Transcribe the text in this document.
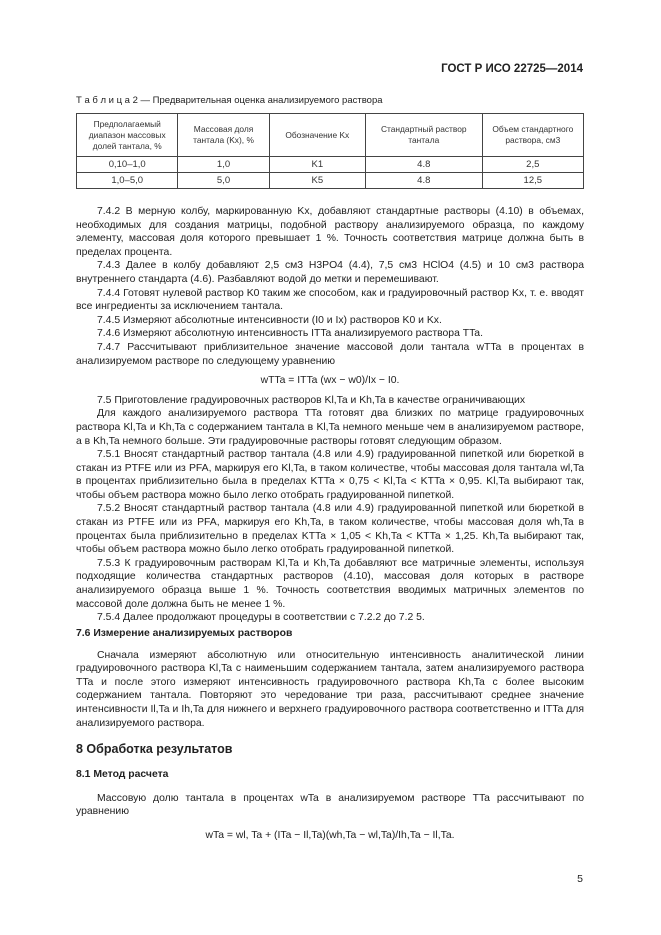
ГОСТ Р ИСО 22725—2014
Т а б л и ц а 2 — Предварительная оценка анализируемого раствора
Предполагаемый диапазон массовых долей тантала, %	Массовая доля тантала (Kx), %	Обозначение Kx	Стандартный раствор тантала	Объем стандартного раствора, см3
0,10–1,0	1,0	K1	4.8	2,5
1,0–5,0	5,0	K5	4.8	12,5

7.4.2 В мерную колбу, маркированную Kx, добавляют стандартные растворы (4.10) в объемах, необходимых для создания матрицы, подобной раствору анализируемого образца, по каждому элементу, массовая доля которого превышает 1 %. Точность соответствия матрице должна быть в пределах процента.

7.4.3 Далее в колбу добавляют 2,5 см3 H3PO4 (4.4), 7,5 см3 HClO4 (4.5) и 10 см3 раствора внутреннего стандарта (4.6). Разбавляют водой до метки и перемешивают.

7.4.4 Готовят нулевой раствор K0 таким же способом, как и градуировочный раствор Kx, т. е. вводят все ингредиенты за исключением тантала.

7.4.5 Измеряют абсолютные интенсивности (I0 и Ix) растворов K0 и Kx.

7.4.6 Измеряют абсолютную интенсивность ITTa анализируемого раствора TTa.

7.4.7 Рассчитывают приблизительное значение массовой доли тантала wTTa в процентах в анализируемом растворе по следующему уравнению

wTTa = ITTa (wx − w0)/Ix − I0.

7.5 Приготовление градуировочных растворов Kl,Ta и Kh,Ta в качестве ограничивающих

Для каждого анализируемого раствора TTa готовят два близких по матрице градуировочных раствора Kl,Ta и Kh,Ta с содержанием тантала в Kl,Ta немного меньше чем в анализируемом растворе, а в Kh,Ta немного больше. Эти градуировочные растворы готовят следующим образом.

7.5.1 Вносят стандартный раствор тантала (4.8 или 4.9) градуированной пипеткой или бюреткой в стакан из PTFE или из PFA, маркируя его Kl,Ta, в таком количестве, чтобы массовая доля тантала wl,Ta в процентах приблизительно была в пределах KTTa × 0,75 < Kl,Ta < KTTa × 0,95. Kl,Ta выбирают так, чтобы объем раствора можно было легко отобрать градуированной пипеткой.

7.5.2 Вносят стандартный раствор тантала (4.8 или 4.9) градуированной пипеткой или бюреткой в стакан из PTFE или из PFA, маркируя его Kh,Ta, в таком количестве, чтобы массовая доля wh,Ta в процентах была приблизительно в пределах KTTa × 1,05 < Kh,Ta < KTTa × 1,25. Kh,Ta выбирают так, чтобы объем раствора можно было легко отобрать градуированной пипеткой.

7.5.3 К градуировочным растворам Kl,Ta и Kh,Ta добавляют все матричные элементы, используя подходящие количества стандартных растворов (4.10), массовая доля которых в растворе анализируемого образца выше 1 %. Точность соответствия вводимых матричных элементов по массовой доле должна быть не менее 1 %.

7.5.4 Далее продолжают процедуры в соответствии с 7.2.2 до 7.2 5.

7.6 Измерение анализируемых растворов

Сначала измеряют абсолютную или относительную интенсивность аналитической линии градуировочного раствора Kl,Ta с наименьшим содержанием тантала, затем анализируемого раствора TTa и после этого измеряют интенсивность градуировочного раствора Kh,Ta с более высоким содержанием тантала. Повторяют это чередование три раза, рассчитывают среднее значение интенсивности Il,Ta и Ih,Ta для нижнего и верхнего градуировочного раствора соответственно и ITTa для анализируемого раствора.

8 Обработка результатов

8.1 Метод расчета

Массовую долю тантала в процентах wTa в анализируемом растворе TTa рассчитывают по уравнению

wTa = wl, Ta + (ITa − Il,Ta)(wh,Ta − wl,Ta)/Ih,Ta − Il,Ta.

5
